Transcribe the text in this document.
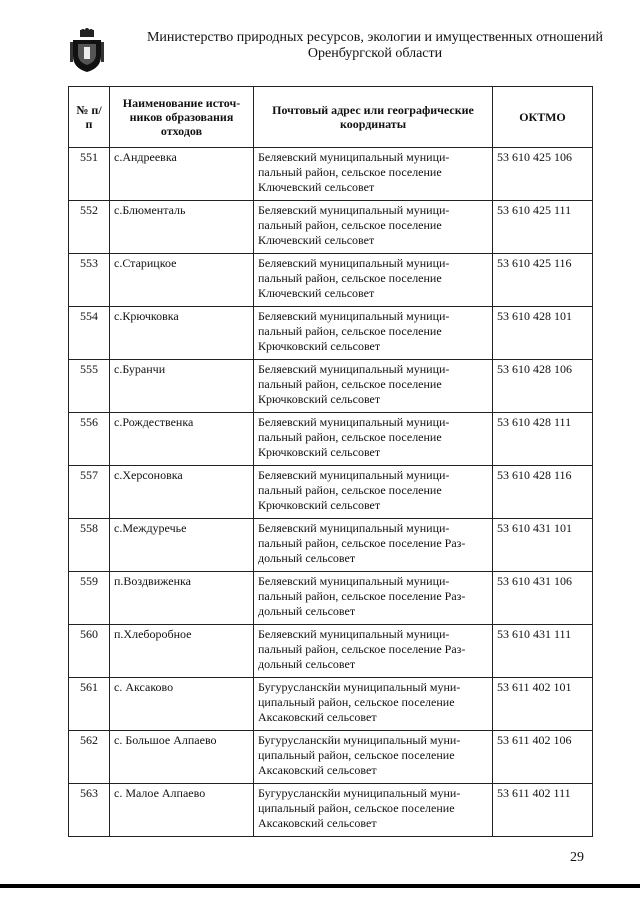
Министерство природных ресурсов, экологии и имущественных отношений
Оренбургской области
№ п/п	Наименование источ-ников образования отходов	Почтовый адрес или географические координаты	ОКТМО
551	с.Андреевка	Беляевский муниципальный муници-пальный район, сельское поселение Ключевский сельсовет	53 610 425 106
552	с.Блюменталь	Беляевский муниципальный муници-пальный район, сельское поселение Ключевский сельсовет	53 610 425 111
553	с.Старицкое	Беляевский муниципальный муници-пальный район, сельское поселение Ключевский сельсовет	53 610 425 116
554	с.Крючковка	Беляевский муниципальный муници-пальный район, сельское поселение Крючковский сельсовет	53 610 428 101
555	с.Буранчи	Беляевский муниципальный муници-пальный район, сельское поселение Крючковский сельсовет	53 610 428 106
556	с.Рождественка	Беляевский муниципальный муници-пальный район, сельское поселение Крючковский сельсовет	53 610 428 111
557	с.Херсоновка	Беляевский муниципальный муници-пальный район, сельское поселение Крючковский сельсовет	53 610 428 116
558	с.Междуречье	Беляевский муниципальный муници-пальный район, сельское поселение Раз-дольный сельсовет	53 610 431 101
559	п.Воздвиженка	Беляевский муниципальный муници-пальный район, сельское поселение Раз-дольный сельсовет	53 610 431 106
560	п.Хлеборобное	Беляевский муниципальный муници-пальный район, сельское поселение Раз-дольный сельсовет	53 610 431 111
561	с. Аксаково	Бугурусланскйи муниципальный муни-ципальный район, сельское поселение Аксаковский сельсовет	53 611 402 101
562	с. Большое Алпаево	Бугурусланскйи муниципальный муни-ципальный район, сельское поселение Аксаковский сельсовет	53 611 402 106
563	с. Малое Алпаево	Бугурусланскйи муниципальный муни-ципальный район, сельское поселение Аксаковский сельсовет	53 611 402 111
29
